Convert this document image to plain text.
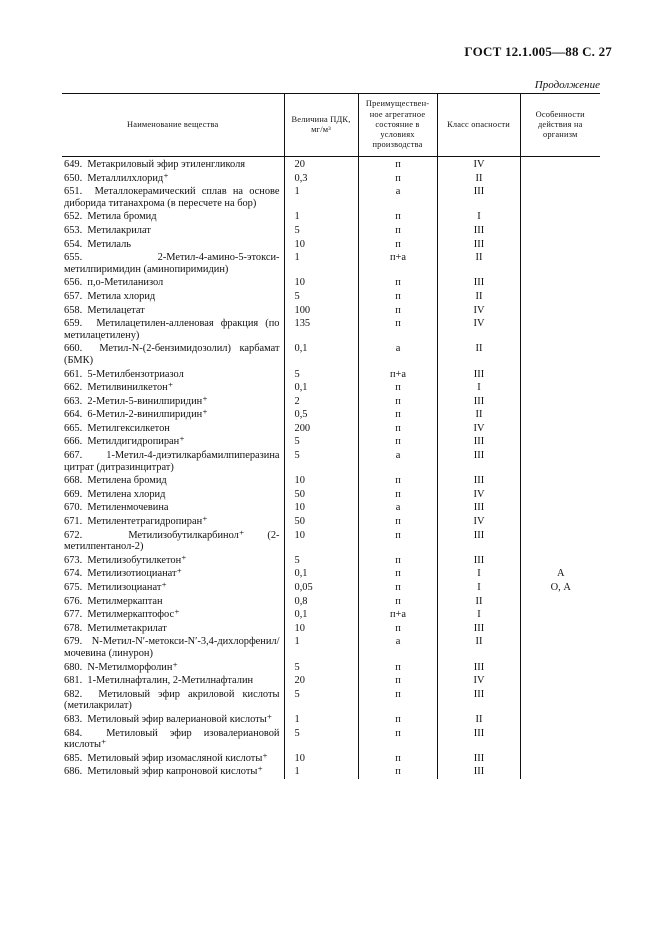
ГОСТ 12.1.005—88 С. 27
Продолжение
Наименование вещества	Величина ПДК, мг/м³	Преимущественное агрегатное состояние в условиях производства	Класс опасности	Особенности действия на организм
649. Метакриловый эфир этиленгликоля	20	п	IV	
650. Металлилхлорид⁺	0,3	п	II	
651. Металлокерамический сплав на основе диборида титанахрома (в пересчете на бор)	1	а	III	
652. Метила бромид	1	п	I	
653. Метилакрилат	5	п	III	
654. Метилаль	10	п	III	
655. 2-Метил-4-амино-5-этокси-метилпиримидин (аминопиримидин)	1	п+а	II	
656. п,о-Метиланизол	10	п	III	
657. Метила хлорид	5	п	II	
658. Метилацетат	100	п	IV	
659. Метилацетилен-алленовая фракция (по метилацетилену)	135	п	IV	
660. Метил-N-(2-бензимидозолил) карбамат (БМК)	0,1	а	II	
661. 5-Метилбензотриазол	5	п+а	III	
662. Метилвинилкетон⁺	0,1	п	I	
663. 2-Метил-5-винилпиридин⁺	2	п	III	
664. 6-Метил-2-винилпиридин⁺	0,5	п	II	
665. Метилгексилкетон	200	п	IV	
666. Метилдигидропиран⁺	5	п	III	
667. 1-Метил-4-диэтилкарбамилпиперазина цитрат (дитразинцитрат)	5	а	III	
668. Метилена бромид	10	п	III	
669. Метилена хлорид	50	п	IV	
670. Метиленмочевина	10	а	III	
671. Метилентетрагидропиран⁺	50	п	IV	
672. Метилизобутилкарбинол⁺ (2-метилпентанол-2)	10	п	III	
673. Метилизобутилкетон⁺	5	п	III	
674. Метилизотиоцианат⁺	0,1	п	I	А
675. Метилизоцианат⁺	0,05	п	I	О, А
676. Метилмеркаптан	0,8	п	II	
677. Метилмеркаптофос⁺	0,1	п+а	I	
678. Метилметакрилат	10	п	III	
679. N-Метил-N′-метокси-N′-3,4-дихлорфенил/мочевина (линурон)	1	а	II	
680. N-Метилморфолин⁺	5	п	III	
681. 1-Метилнафталин, 2-Метилнафталин	20	п	IV	
682. Метиловый эфир акриловой кислоты (метилакрилат)	5	п	III	
683. Метиловый эфир валериановой кислоты⁺	1	п	II	
684. Метиловый эфир изовалериановой кислоты⁺	5	п	III	
685. Метиловый эфир изомасляной кислоты⁺	10	п	III	
686. Метиловый эфир капроновой кислоты⁺	1	п	III	
